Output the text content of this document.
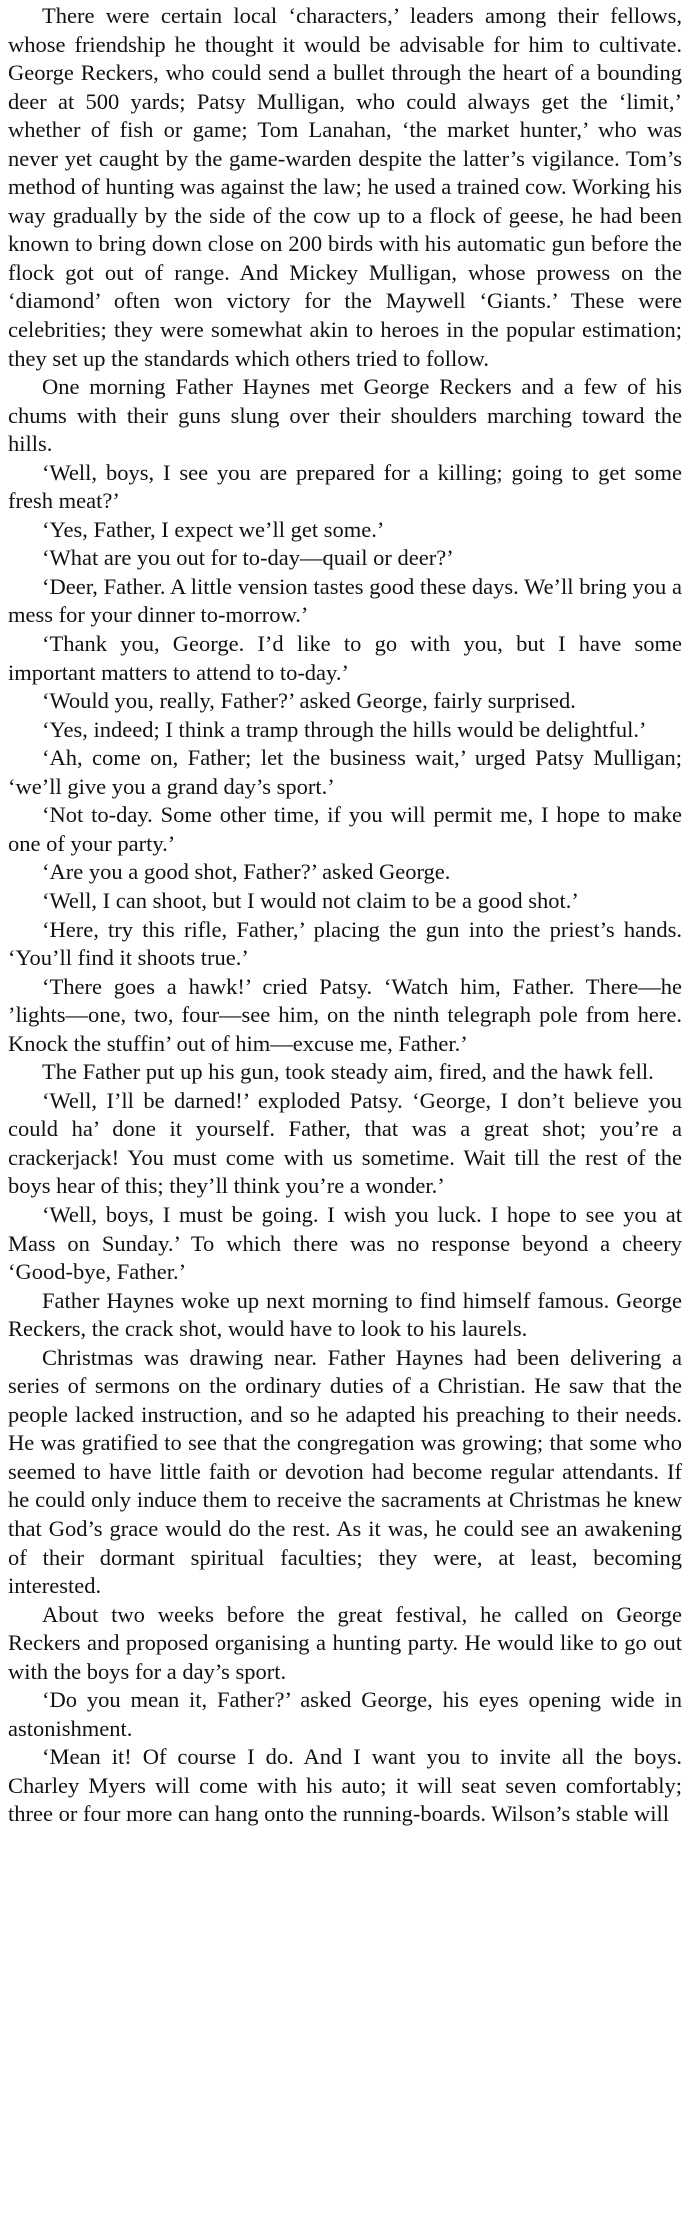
There were certain local ‘characters,’ leaders among their fellows, whose friendship he thought it would be advisable for him to cultivate. George Reckers, who could send a bullet through the heart of a bounding deer at 500 yards; Patsy Mulligan, who could always get the ‘limit,’ whether of fish or game; Tom Lanahan, ‘the market hunter,’ who was never yet caught by the game-warden despite the latter’s vigilance. Tom’s method of hunting was against the law; he used a trained cow. Working his way gradually by the side of the cow up to a flock of geese, he had been known to bring down close on 200 birds with his automatic gun before the flock got out of range. And Mickey Mulligan, whose prowess on the ‘diamond’ often won victory for the Maywell ‘Giants.’ These were celebrities; they were somewhat akin to heroes in the popular estimation; they set up the standards which others tried to follow.

One morning Father Haynes met George Reckers and a few of his chums with their guns slung over their shoulders marching toward the hills.

‘Well, boys, I see you are prepared for a killing; going to get some fresh meat?’

‘Yes, Father, I expect we’ll get some.’

‘What are you out for to-day—quail or deer?’

‘Deer, Father. A little vension tastes good these days. We’ll bring you a mess for your dinner to-morrow.’

‘Thank you, George. I’d like to go with you, but I have some important matters to attend to to-day.’

‘Would you, really, Father?’ asked George, fairly surprised.

‘Yes, indeed; I think a tramp through the hills would be delightful.’

‘Ah, come on, Father; let the business wait,’ urged Patsy Mulligan; ‘we’ll give you a grand day’s sport.’

‘Not to-day. Some other time, if you will permit me, I hope to make one of your party.’

‘Are you a good shot, Father?’ asked George.

‘Well, I can shoot, but I would not claim to be a good shot.’

‘Here, try this rifle, Father,’ placing the gun into the priest’s hands. ‘You’ll find it shoots true.’

‘There goes a hawk!’ cried Patsy. ‘Watch him, Father. There—he ’lights—one, two, four—see him, on the ninth telegraph pole from here. Knock the stuffin’ out of him—excuse me, Father.’

The Father put up his gun, took steady aim, fired, and the hawk fell.

‘Well, I’ll be darned!’ exploded Patsy. ‘George, I don’t believe you could ha’ done it yourself. Father, that was a great shot; you’re a crackerjack! You must come with us sometime. Wait till the rest of the boys hear of this; they’ll think you’re a wonder.’

‘Well, boys, I must be going. I wish you luck. I hope to see you at Mass on Sunday.’ To which there was no response beyond a cheery ‘Good-bye, Father.’

Father Haynes woke up next morning to find himself famous. George Reckers, the crack shot, would have to look to his laurels.

Christmas was drawing near. Father Haynes had been delivering a series of sermons on the ordinary duties of a Christian. He saw that the people lacked instruction, and so he adapted his preaching to their needs. He was gratified to see that the congregation was growing; that some who seemed to have little faith or devotion had become regular attendants. If he could only induce them to receive the sacraments at Christmas he knew that God’s grace would do the rest. As it was, he could see an awakening of their dormant spiritual faculties; they were, at least, becoming interested.

About two weeks before the great festival, he called on George Reckers and proposed organising a hunting party. He would like to go out with the boys for a day’s sport.

‘Do you mean it, Father?’ asked George, his eyes opening wide in astonishment.

‘Mean it! Of course I do. And I want you to invite all the boys. Charley Myers will come with his auto; it will seat seven comfortably; three or four more can hang onto the running-boards. Wilson’s stable will
